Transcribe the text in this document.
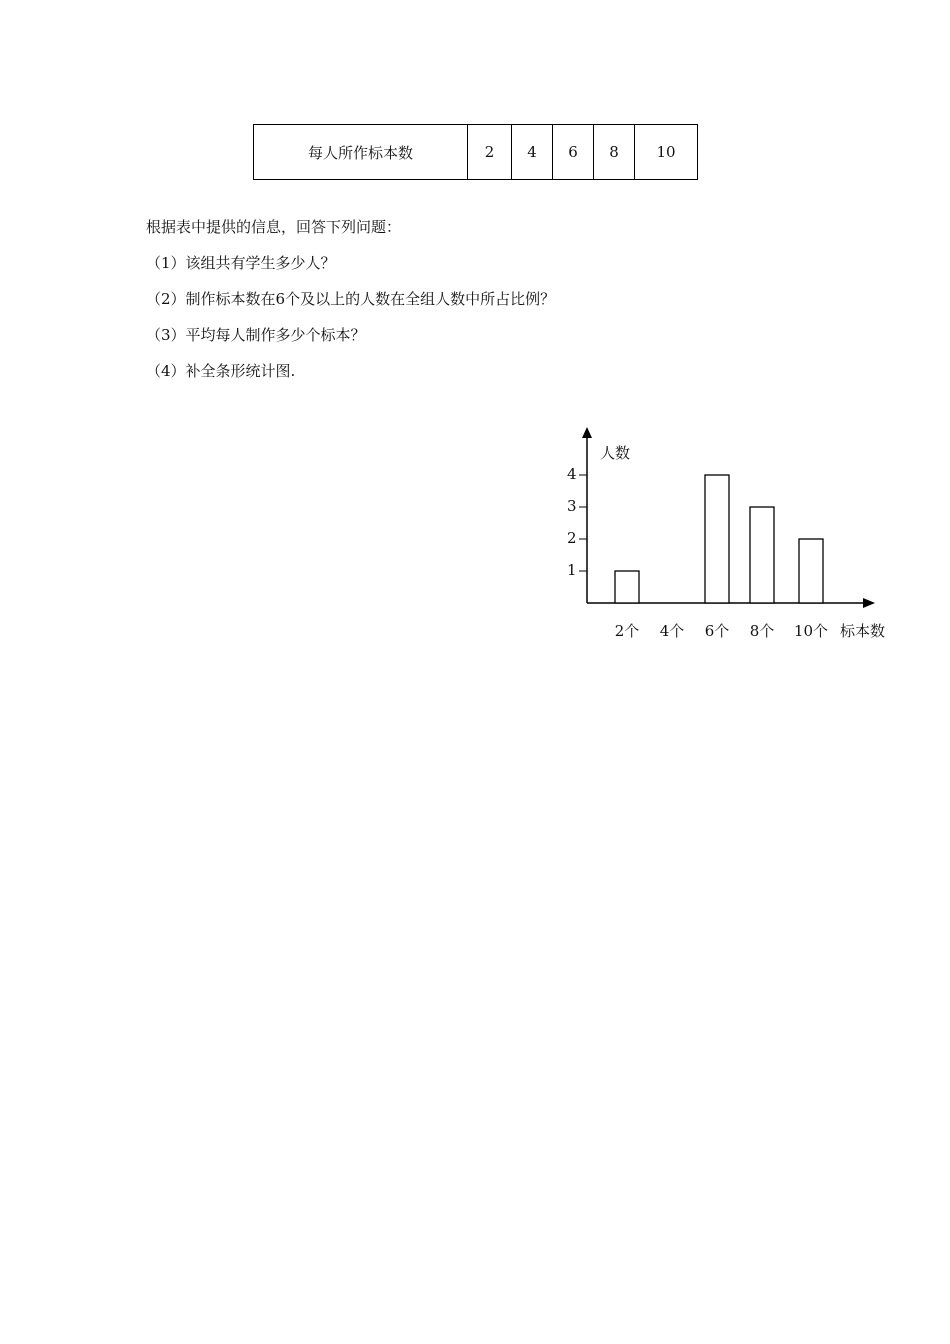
每人所作标本数	2	4	6	8	10
根据表中提供的信息，回答下列问题：
（1）该组共有学生多少人？
（2）制作标本数在6个及以上的人数在全组人数中所占比例？
（3）平均每人制作多少个标本？
（4）补全条形统计图.
人数
标本数
1
2
3
4
2个 4个 6个 8个 10个
